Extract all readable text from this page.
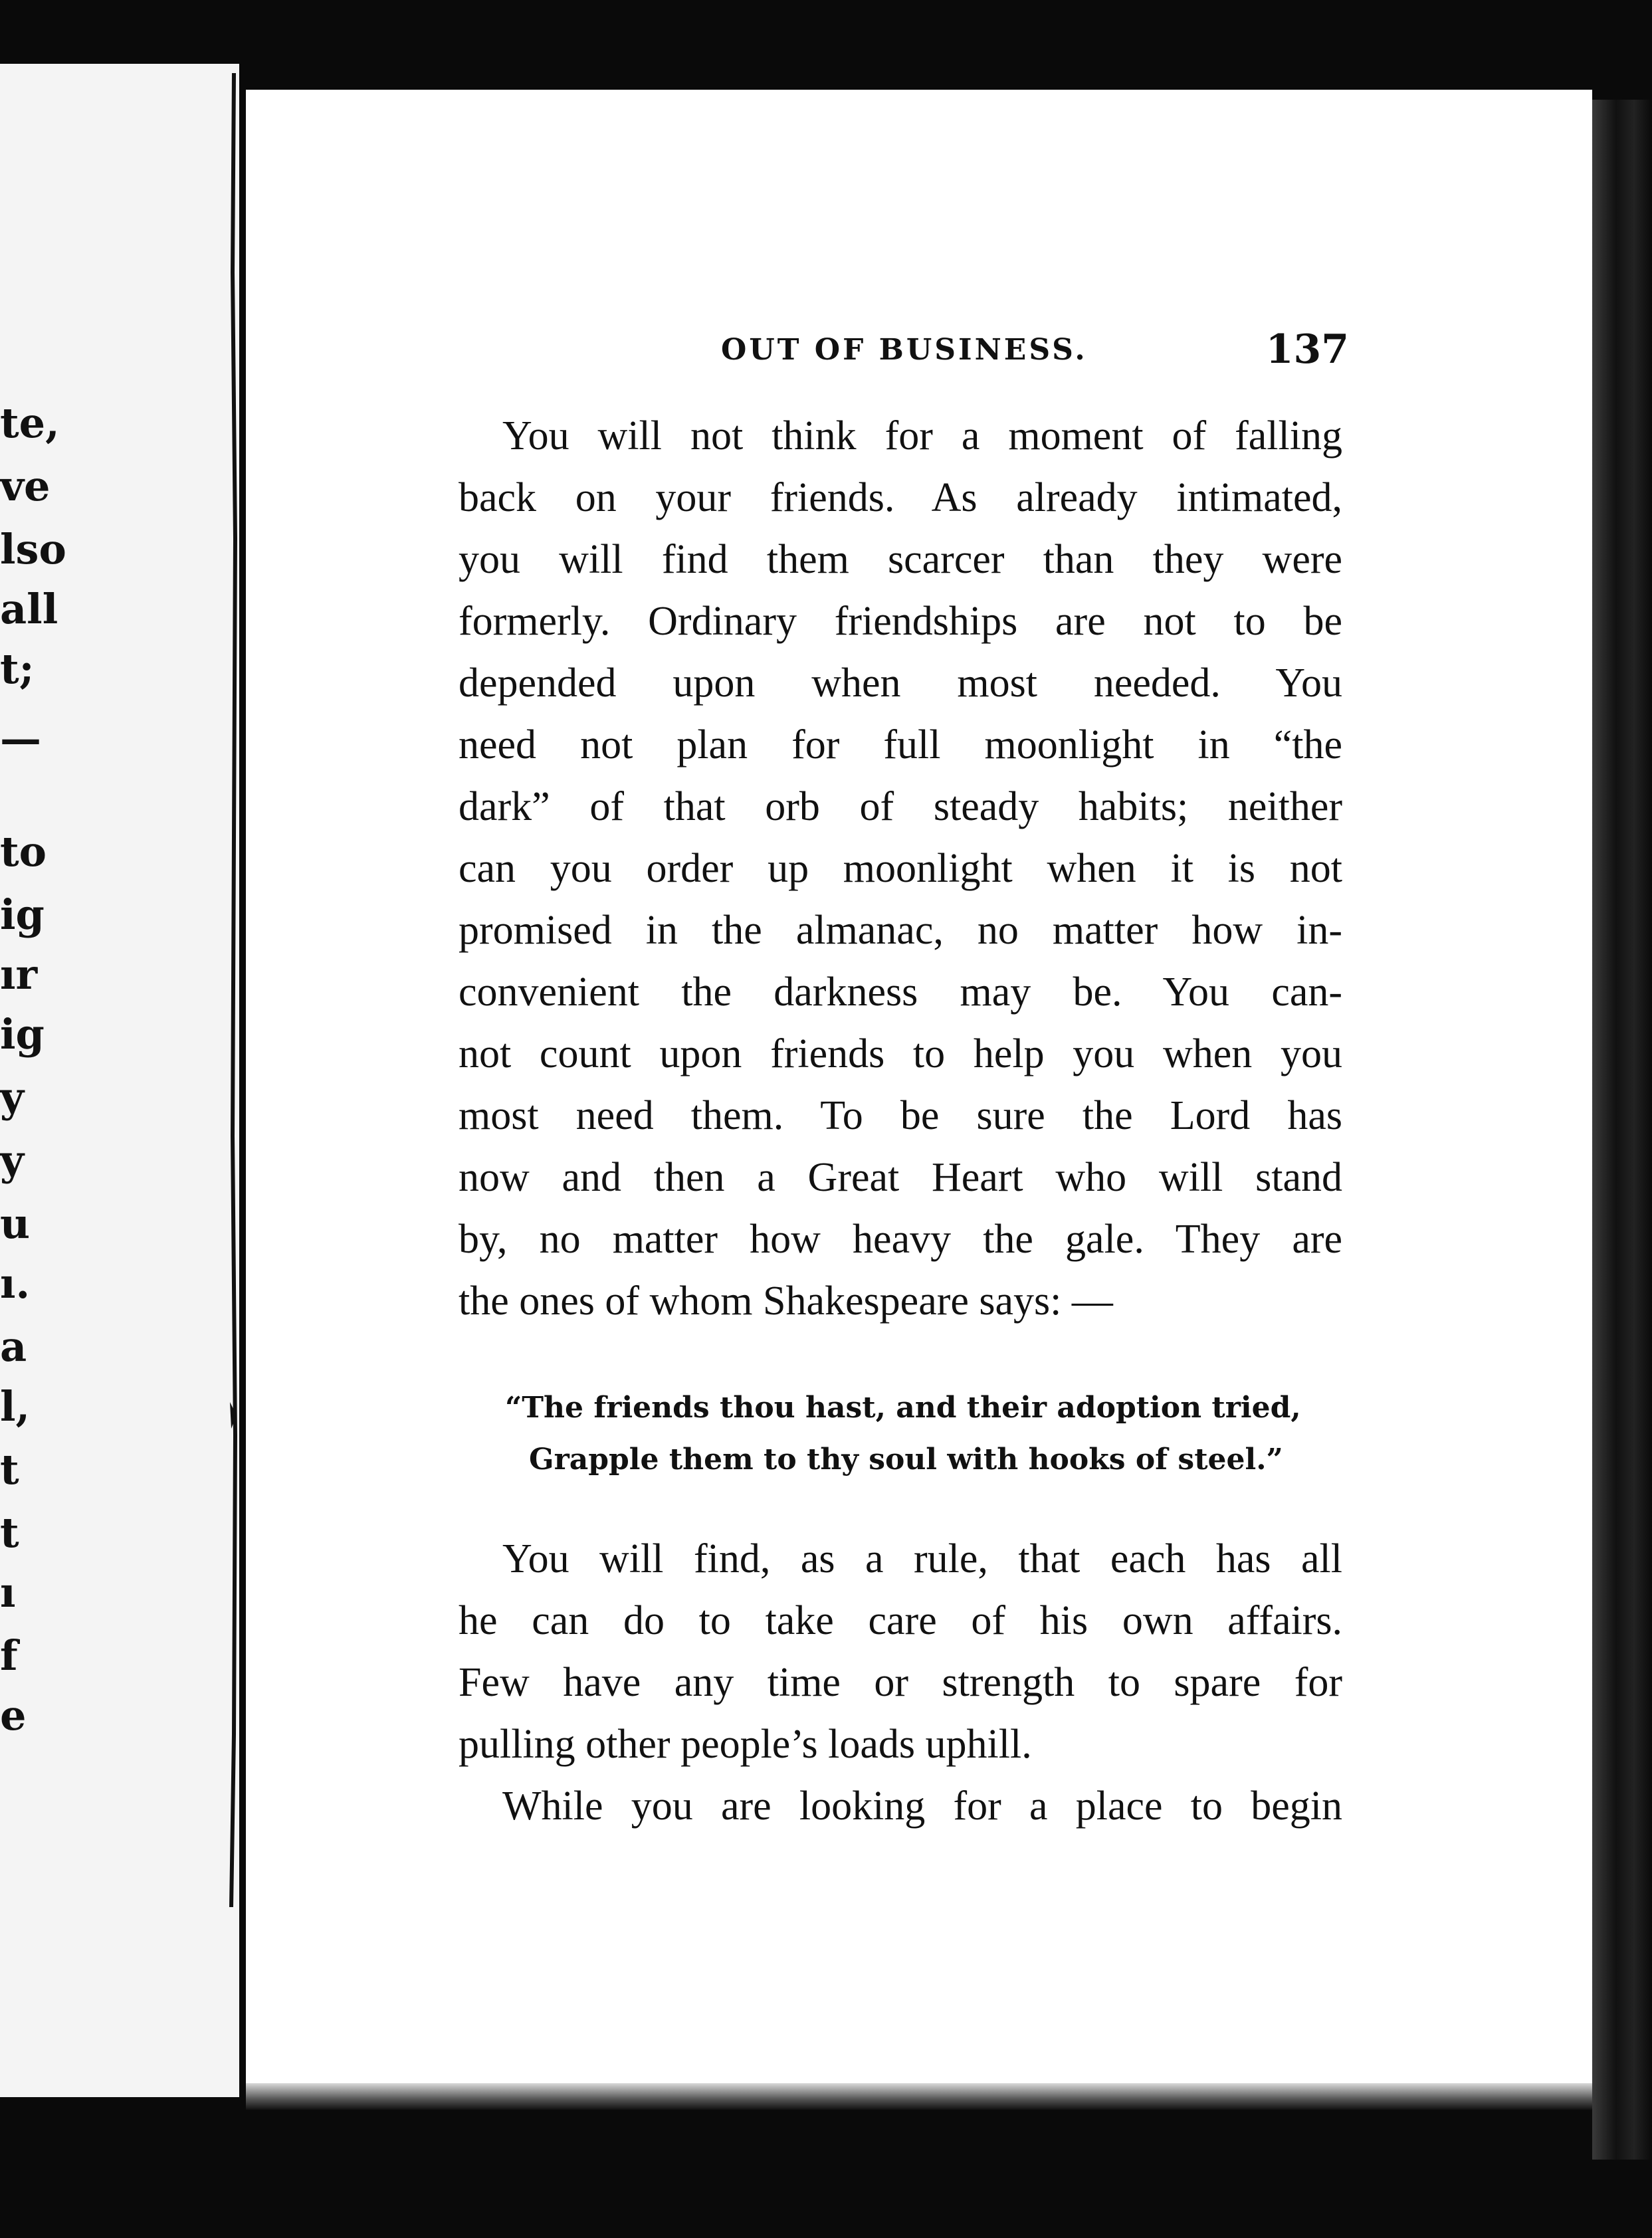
te,
ve
lso
all
t;
—
to
ig
ır
ig
y
y
u
ı.
a
l,
t
t
ı
f
e
OUT OF BUSINESS.	137
You will not think for a moment of falling
back on your friends. As already intimated,
you will find them scarcer than they were
formerly. Ordinary friendships are not to be
depended upon when most needed. You
need not plan for full moonlight in “the
dark” of that orb of steady habits; neither
can you order up moonlight when it is not
promised in the almanac, no matter how in-
convenient the darkness may be. You can-
not count upon friends to help you when you
most need them. To be sure the Lord has
now and then a Great Heart who will stand
by, no matter how heavy the gale. They are
the ones of whom Shakespeare says: —
“The friends thou hast, and their adoption tried,
Grapple them to thy soul with hooks of steel.”
You will find, as a rule, that each has all
he can do to take care of his own affairs.
Few have any time or strength to spare for
pulling other people’s loads uphill.
While you are looking for a place to begin
